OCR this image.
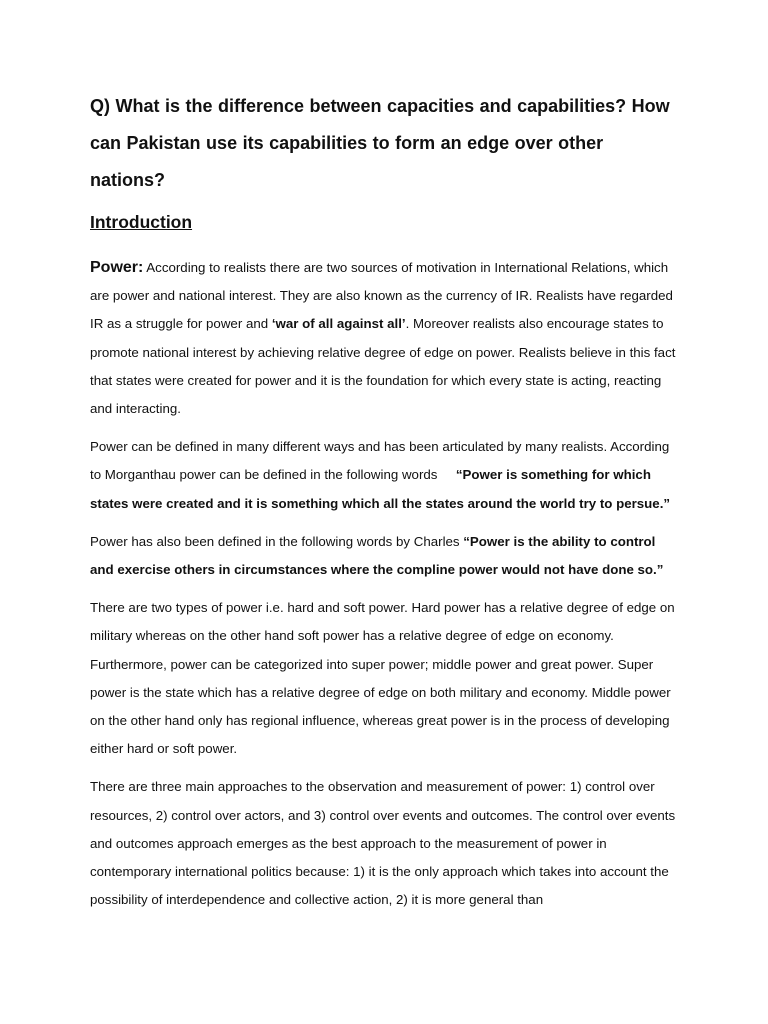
Q) What is the difference between capacities and capabilities? How can Pakistan use its capabilities to form an edge over other nations?
Introduction

Power: According to realists there are two sources of motivation in International Relations, which are power and national interest. They are also known as the currency of IR. Realists have regarded IR as a struggle for power and ‘war of all against all’. Moreover realists also encourage states to promote national interest by achieving relative degree of edge on power. Realists believe in this fact that states were created for power and it is the foundation for which every state is acting, reacting and interacting.

Power can be defined in many different ways and has been articulated by many realists. According to Morganthau power can be defined in the following words     “Power is something for which states were created and it is something which all the states around the world try to persue.”

Power has also been defined in the following words by Charles “Power is the ability to control and exercise others in circumstances where the compline power would not have done so.”

There are two types of power i.e. hard and soft power. Hard power has a relative degree of edge on military whereas on the other hand soft power has a relative degree of edge on economy. Furthermore, power can be categorized into super power; middle power and great power. Super power is the state which has a relative degree of edge on both military and economy. Middle power on the other hand only has regional influence, whereas great power is in the process of developing either hard or soft power.

There are three main approaches to the observation and measurement of power: 1) control over resources, 2) control over actors, and 3) control over events and outcomes. The control over events and outcomes approach emerges as the best approach to the measurement of power in contemporary international politics because: 1) it is the only approach which takes into account the possibility of interdependence and collective action, 2) it is more general than
